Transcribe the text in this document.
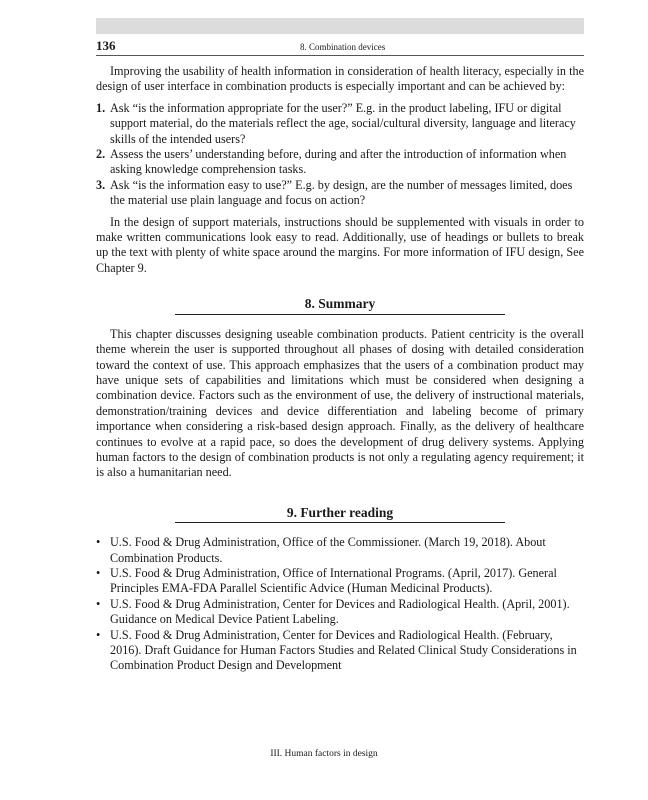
136	8. Combination devices

Improving the usability of health information in consideration of health literacy, especially in the design of user interface in combination products is especially important and can be achieved by:

1. Ask “is the information appropriate for the user?” E.g. in the product labeling, IFU or digital support material, do the materials reflect the age, social/cultural diversity, language and literacy skills of the intended users?
2. Assess the users’ understanding before, during and after the introduction of information when asking knowledge comprehension tasks.
3. Ask “is the information easy to use?” E.g. by design, are the number of messages limited, does the material use plain language and focus on action?

In the design of support materials, instructions should be supplemented with visuals in order to make written communications look easy to read. Additionally, use of headings or bullets to break up the text with plenty of white space around the margins. For more information of IFU design, See Chapter 9.

8. Summary

This chapter discusses designing useable combination products. Patient centricity is the overall theme wherein the user is supported throughout all phases of dosing with detailed consideration toward the context of use. This approach emphasizes that the users of a combination product may have unique sets of capabilities and limitations which must be considered when designing a combination device. Factors such as the environment of use, the delivery of instructional materials, demonstration/training devices and device differentiation and labeling become of primary importance when considering a risk-based design approach. Finally, as the delivery of healthcare continues to evolve at a rapid pace, so does the development of drug delivery systems. Applying human factors to the design of combination products is not only a regulating agency requirement; it is also a humanitarian need.

9. Further reading
• U.S. Food & Drug Administration, Office of the Commissioner. (March 19, 2018). About Combination Products.
• U.S. Food & Drug Administration, Office of International Programs. (April, 2017). General Principles EMA-FDA Parallel Scientific Advice (Human Medicinal Products).
• U.S. Food & Drug Administration, Center for Devices and Radiological Health. (April, 2001). Guidance on Medical Device Patient Labeling.
• U.S. Food & Drug Administration, Center for Devices and Radiological Health. (February, 2016). Draft Guidance for Human Factors Studies and Related Clinical Study Considerations in Combination Product Design and Development
III. Human factors in design
